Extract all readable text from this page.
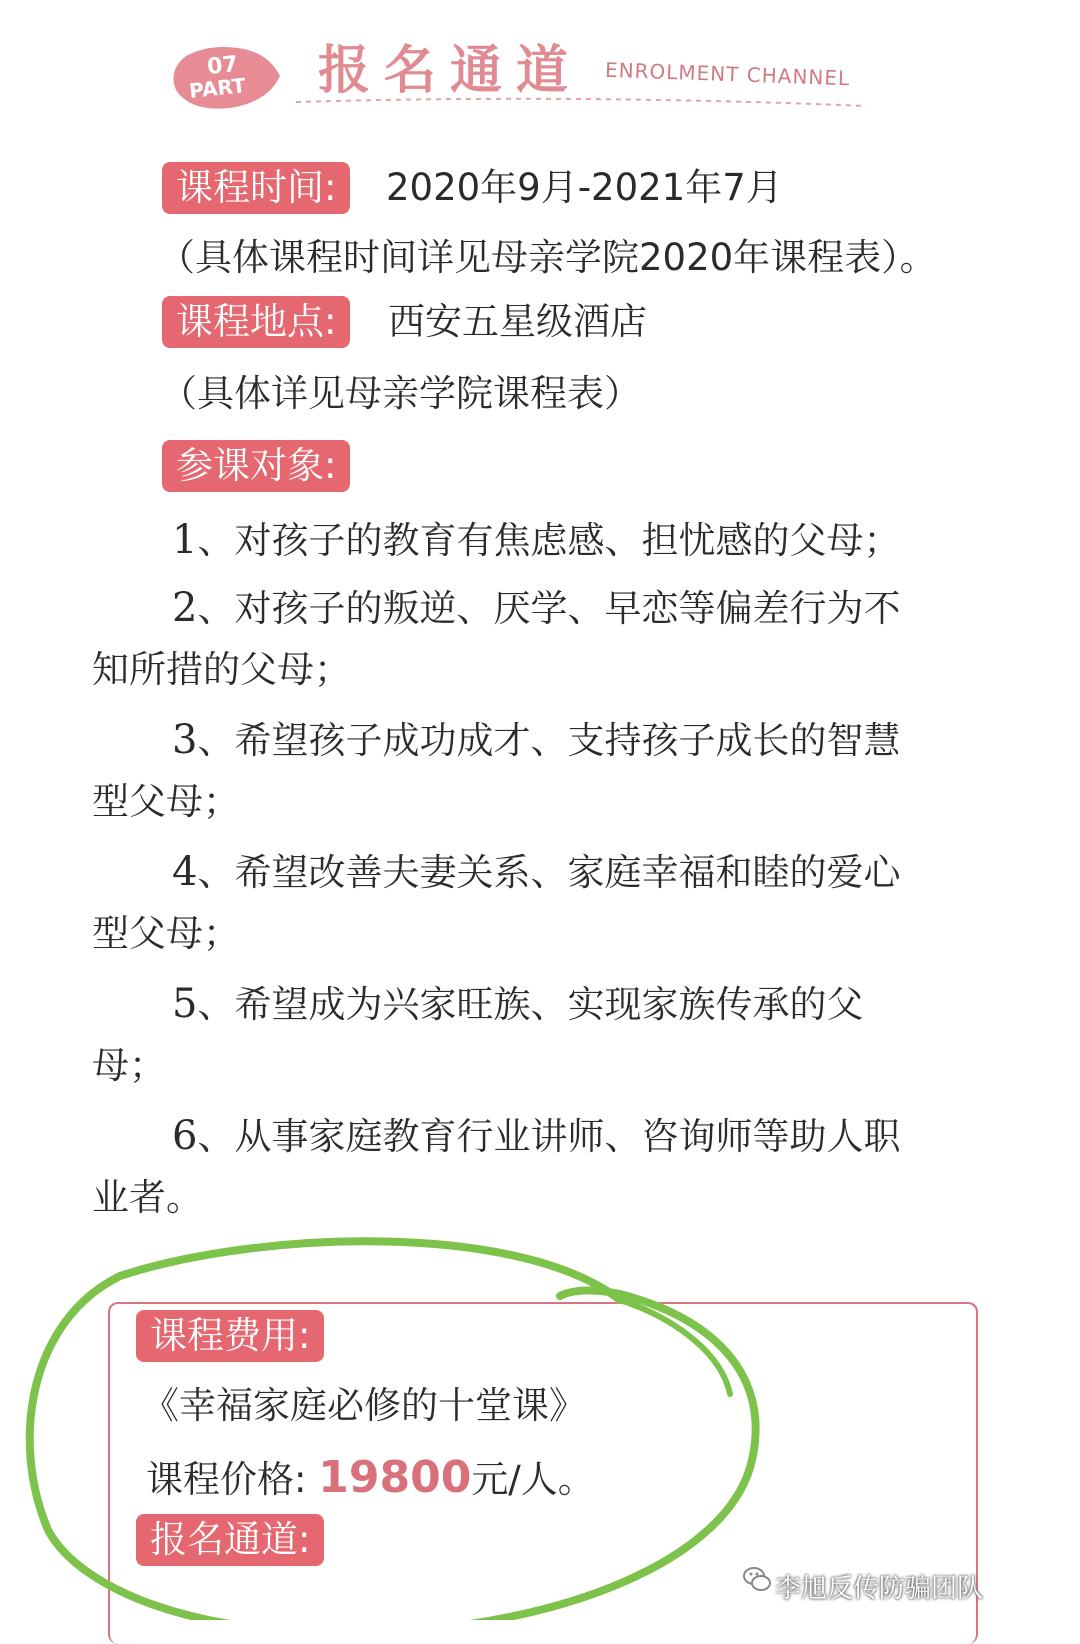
07
PART 报名通道 ENROLMENT CHANNEL
课程时间:	2020年9月-2021年7月
（具体课程时间详见母亲学院2020年课程表）。
课程地点:	西安五星级酒店
（具体详见母亲学院课程表）
参课对象:
1、对孩子的教育有焦虑感、担忧感的父母；
2、对孩子的叛逆、厌学、早恋等偏差行为不
知所措的父母；
3、希望孩子成功成才、支持孩子成长的智慧
型父母；
4、希望改善夫妻关系、家庭幸福和睦的爱心
型父母；
5、希望成为兴家旺族、实现家族传承的父
母；
6、从事家庭教育行业讲师、咨询师等助人职
业者。
课程费用:
《幸福家庭必修的十堂课》
课程价格: 19800元/人。
报名通道:
李旭反传防骗团队
